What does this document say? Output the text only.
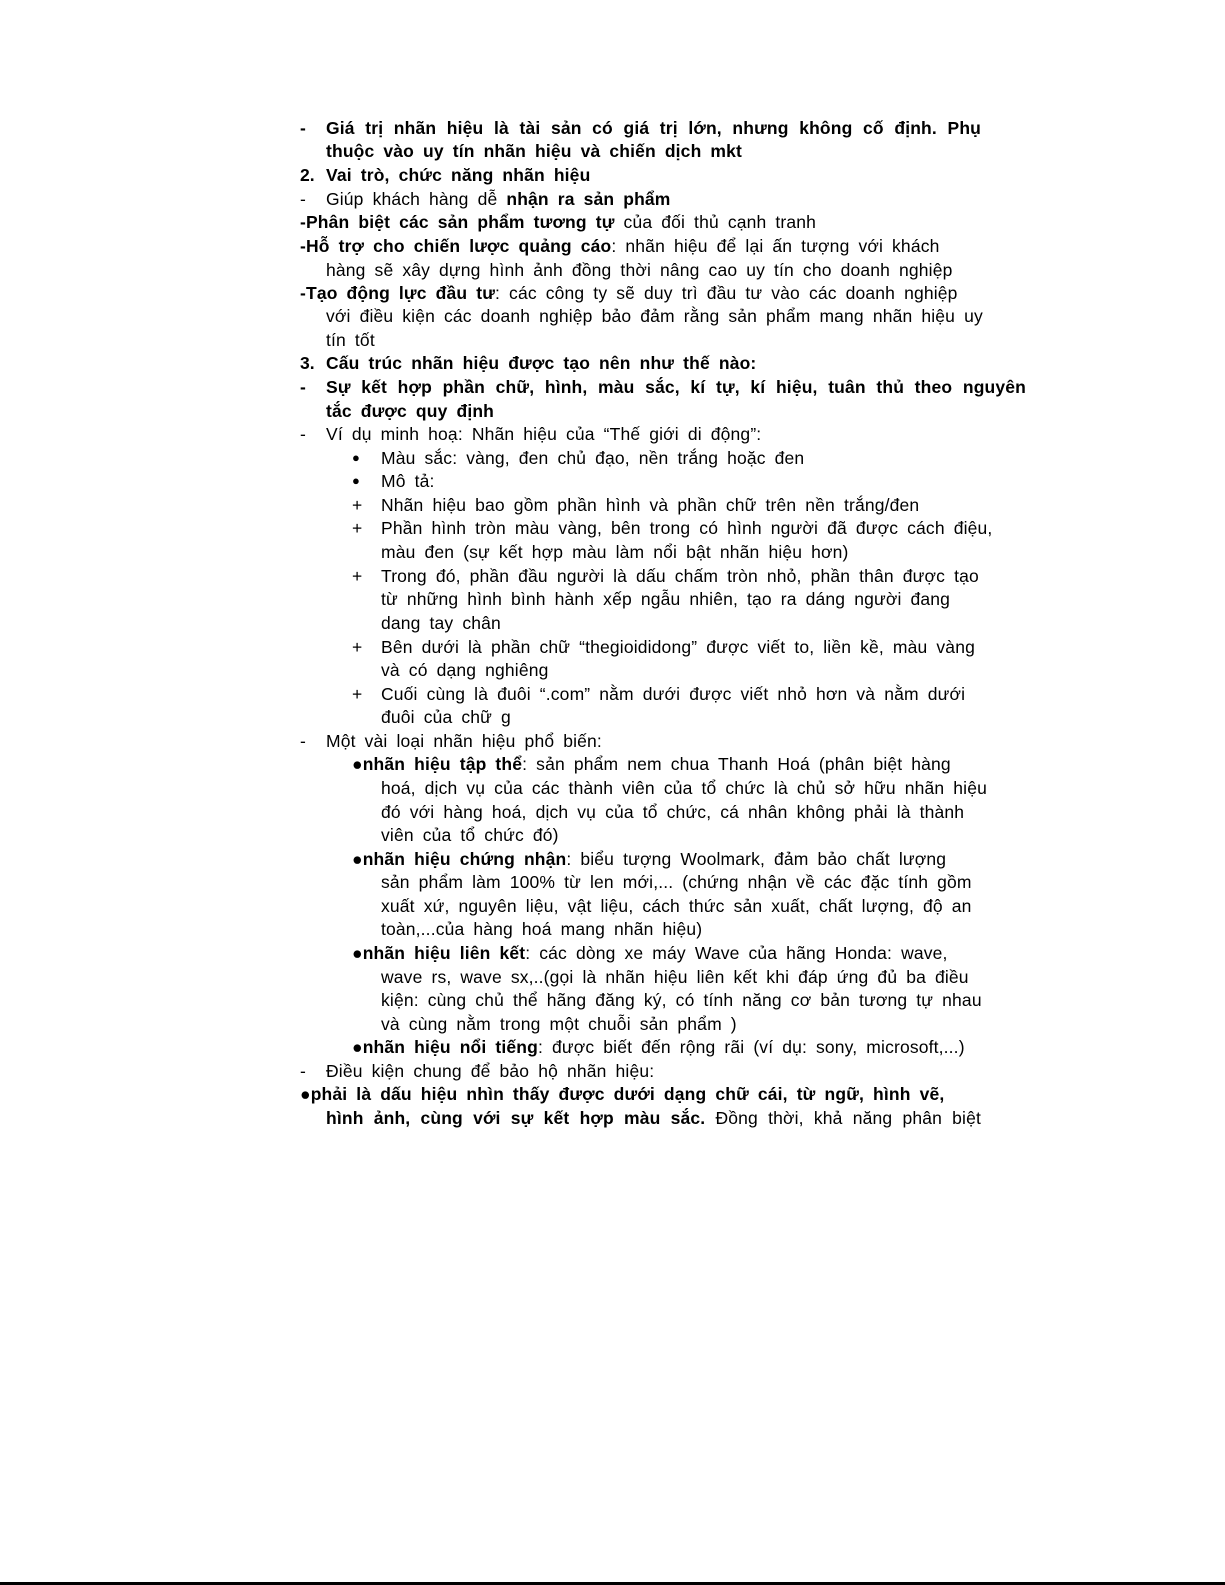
- Giá trị nhãn hiệu là tài sản có giá trị lớn, nhưng không cố định. Phụ
thuộc vào uy tín nhãn hiệu và chiến dịch mkt
2. Vai trò, chức năng nhãn hiệu
- Giúp khách hàng dễ nhận ra sản phẩm
-Phân biệt các sản phẩm tương tự của đối thủ cạnh tranh
-Hỗ trợ cho chiến lược quảng cáo: nhãn hiệu để lại ấn tượng với khách
hàng sẽ xây dựng hình ảnh đồng thời nâng cao uy tín cho doanh nghiệp
-Tạo động lực đầu tư: các công ty sẽ duy trì đầu tư vào các doanh nghiệp
với điều kiện các doanh nghiệp bảo đảm rằng sản phẩm mang nhãn hiệu uy
tín tốt
3. Cấu trúc nhãn hiệu được tạo nên như thế nào:
- Sự kết hợp phần chữ, hình, màu sắc, kí tự, kí hiệu, tuân thủ theo nguyên
tắc được quy định
- Ví dụ minh hoạ: Nhãn hiệu của “Thế giới di động”:
● Màu sắc: vàng, đen chủ đạo, nền trắng hoặc đen
● Mô tả:
+ Nhãn hiệu bao gồm phần hình và phần chữ trên nền trắng/đen
+ Phần hình tròn màu vàng, bên trong có hình người đã được cách điệu,
màu đen (sự kết hợp màu làm nổi bật nhãn hiệu hơn)
+ Trong đó, phần đầu người là dấu chấm tròn nhỏ, phần thân được tạo
từ những hình bình hành xếp ngẫu nhiên, tạo ra dáng người đang
dang tay chân
+ Bên dưới là phần chữ “thegioididong” được viết to, liền kề, màu vàng
và có dạng nghiêng
+ Cuối cùng là đuôi “.com” nằm dưới được viết nhỏ hơn và nằm dưới
đuôi của chữ g
- Một vài loại nhãn hiệu phổ biến:
●nhãn hiệu tập thể: sản phẩm nem chua Thanh Hoá (phân biệt hàng
hoá, dịch vụ của các thành viên của tổ chức là chủ sở hữu nhãn hiệu
đó với hàng hoá, dịch vụ của tổ chức, cá nhân không phải là thành
viên của tổ chức đó)
●nhãn hiệu chứng nhận: biểu tượng Woolmark, đảm bảo chất lượng
sản phẩm làm 100% từ len mới,... (chứng nhận về các đặc tính gồm
xuất xứ, nguyên liệu, vật liệu, cách thức sản xuất, chất lượng, độ an
toàn,...của hàng hoá mang nhãn hiệu)
●nhãn hiệu liên kết: các dòng xe máy Wave của hãng Honda: wave,
wave rs, wave sx,..(gọi là nhãn hiệu liên kết khi đáp ứng đủ ba điều
kiện: cùng chủ thể hãng đăng ký, có tính năng cơ bản tương tự nhau
và cùng nằm trong một chuỗi sản phẩm )
●nhãn hiệu nổi tiếng: được biết đến rộng rãi (ví dụ: sony, microsoft,...)
- Điều kiện chung để bảo hộ nhãn hiệu:
●phải là dấu hiệu nhìn thấy được dưới dạng chữ cái, từ ngữ, hình vẽ,
hình ảnh, cùng với sự kết hợp màu sắc. Đồng thời, khả năng phân biệt
